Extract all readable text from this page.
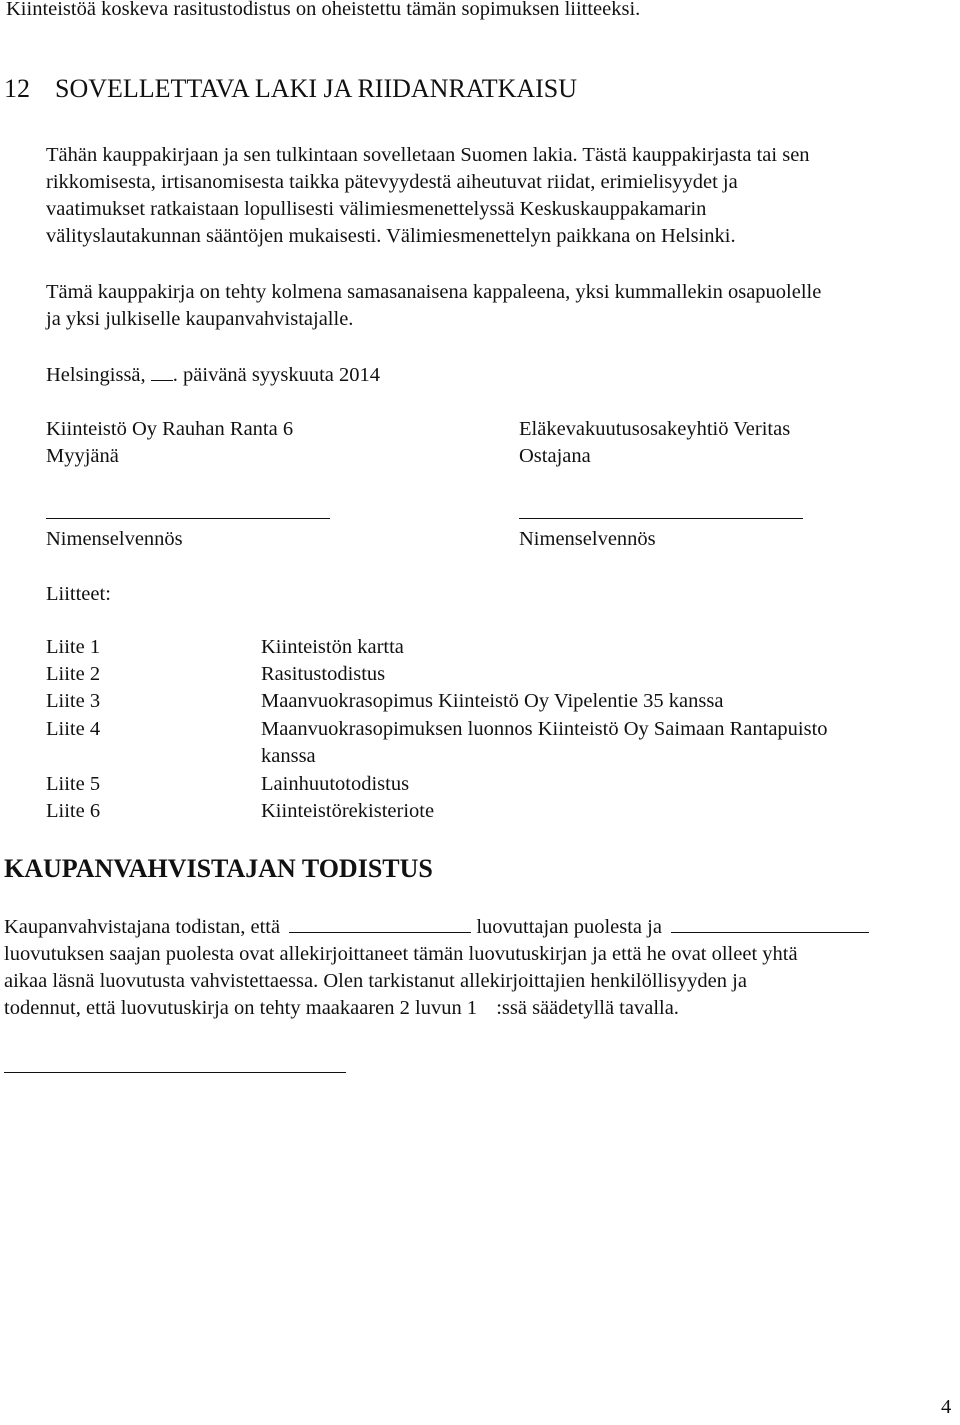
Kiinteistöä koskeva rasitustodistus on oheistettu tämän sopimuksen liitteeksi.
12 SOVELLETTAVA LAKI JA RIIDANRATKAISU
Tähän kauppakirjaan ja sen tulkintaan sovelletaan Suomen lakia. Tästä kauppakirjasta tai sen
rikkomisesta, irtisanomisesta taikka pätevyydestä aiheutuvat riidat, erimielisyydet ja
vaatimukset ratkaistaan lopullisesti välimiesmenettelyssä Keskuskauppakamarin
välityslautakunnan sääntöjen mukaisesti. Välimiesmenettelyn paikkana on Helsinki.
Tämä kauppakirja on tehty kolmena samasanaisena kappaleena, yksi kummallekin osapuolelle
ja yksi julkiselle kaupanvahvistajalle.
Helsingissä, . päivänä syyskuuta 2014
Kiinteistö Oy Rauhan Ranta 6
Myyjänä
Eläkevakuutusosakeyhtiö Veritas
Ostajana
Nimenselvennös	Nimenselvennös
Liitteet:
Liite 1	Kiinteistön kartta
Liite 2	Rasitustodistus
Liite 3	Maanvuokrasopimus Kiinteistö Oy Vipelentie 35 kanssa
Liite 4	Maanvuokrasopimuksen luonnos Kiinteistö Oy Saimaan Rantapuisto
kanssa
Liite 5	Lainhuutotodistus
Liite 6	Kiinteistörekisteriote
KAUPANVAHVISTAJAN TODISTUS
Kaupanvahvistajana todistan, että	luovuttajan puolesta ja
luovutuksen saajan puolesta ovat allekirjoittaneet tämän luovutuskirjan ja että he ovat olleet yhtä
aikaa läsnä luovutusta vahvistettaessa. Olen tarkistanut allekirjoittajien henkilöllisyyden ja
todennut, että luovutuskirja on tehty maakaaren 2 luvun 1 :ssä säädetyllä tavalla.
4
